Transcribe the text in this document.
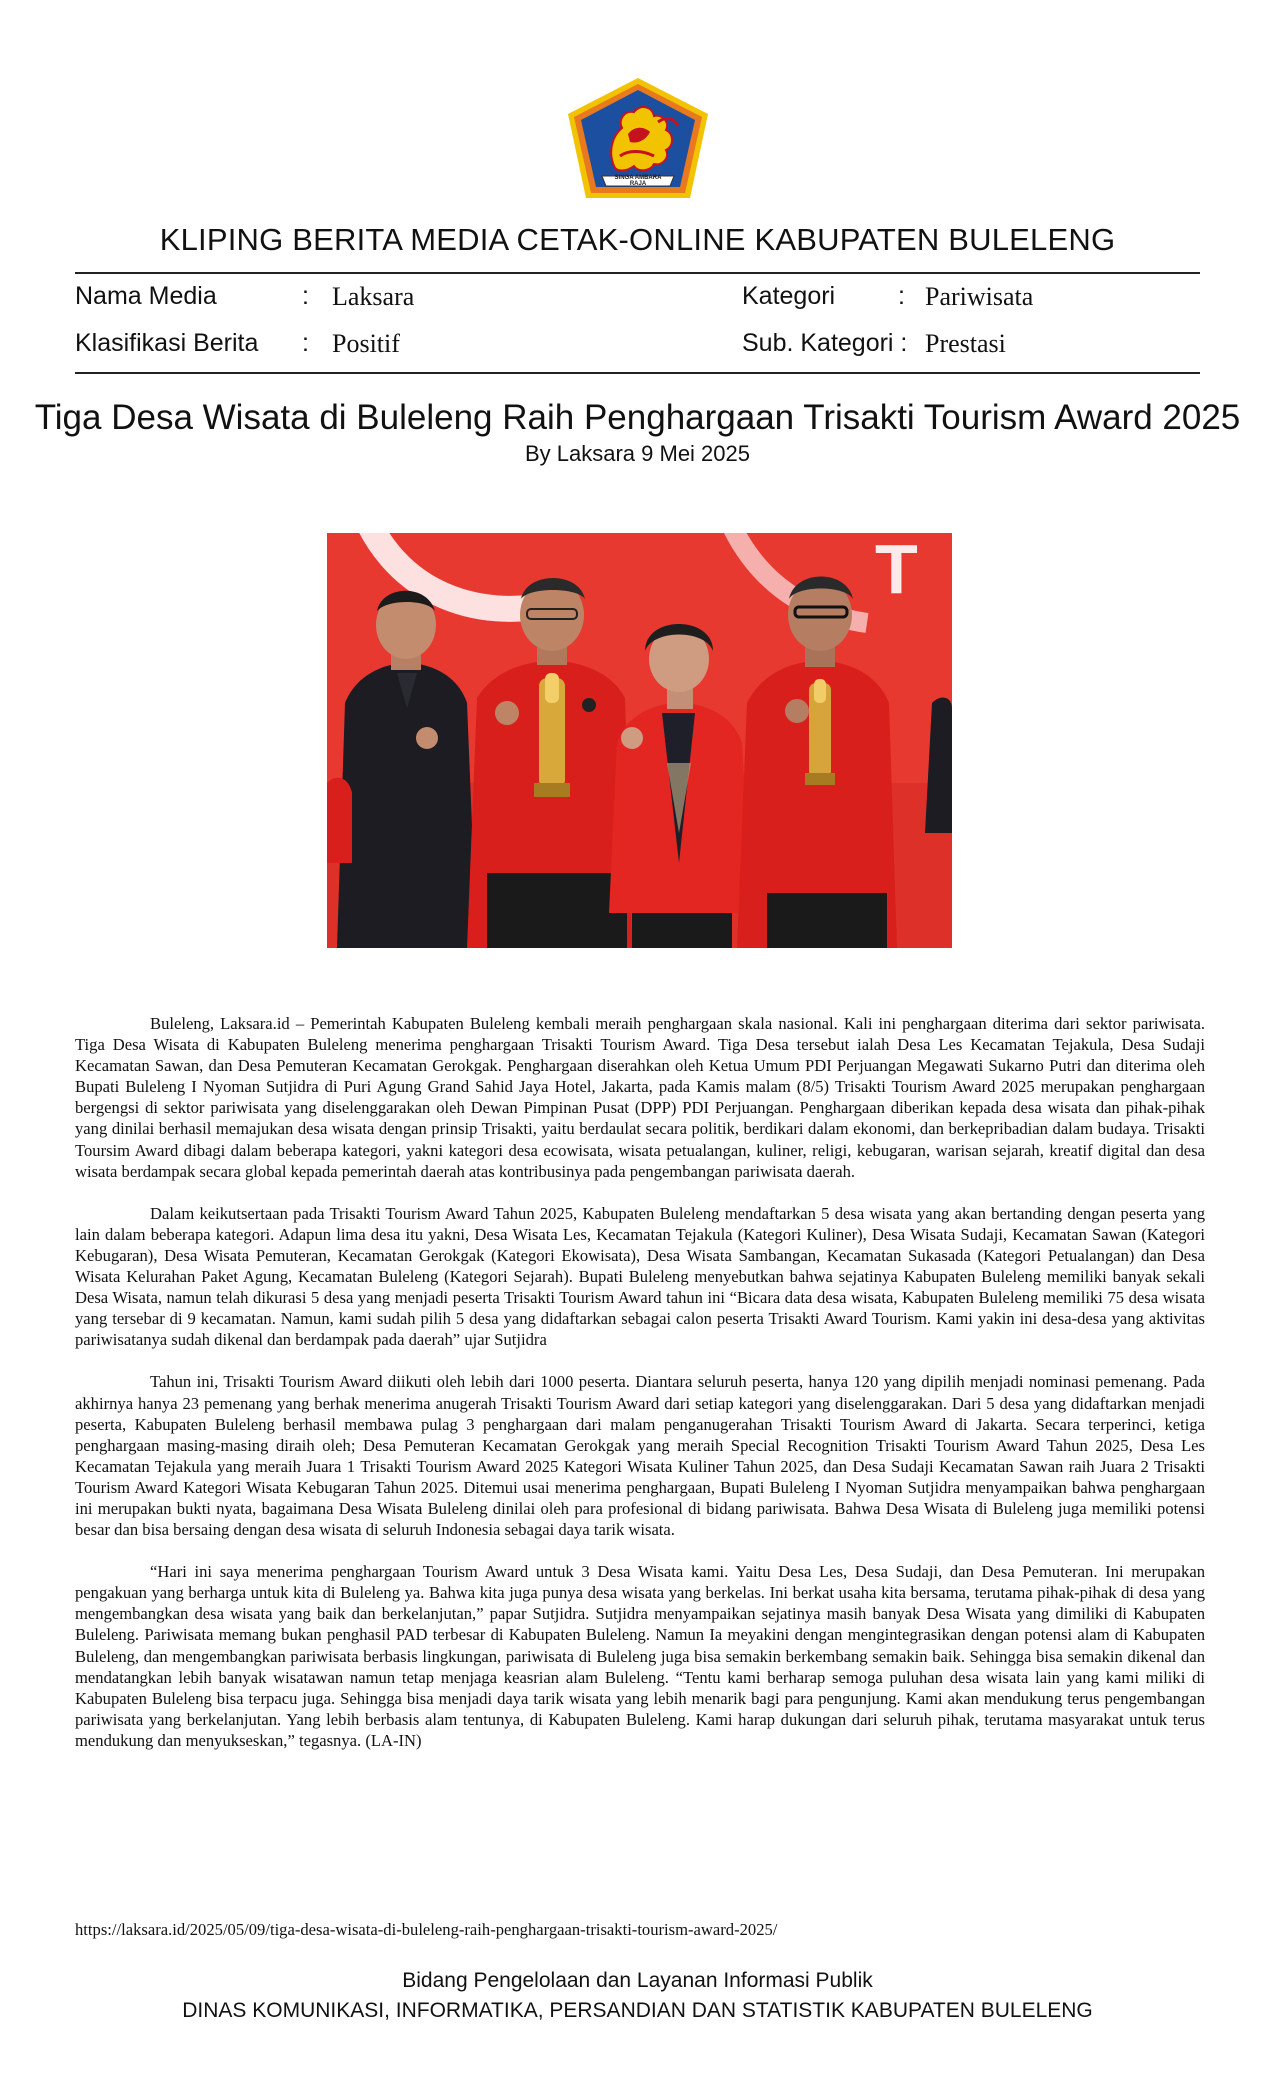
SINGA AMBARA RAJA
KLIPING BERITA MEDIA CETAK-ONLINE KABUPATEN BULELENG
Nama Media	: Laksara
Klasifikasi Berita : Positif
Kategori	: Pariwisata
Sub. Kategori : Prestasi
Tiga Desa Wisata di Buleleng Raih Penghargaan Trisakti Tourism Award 2025
By Laksara 9 Mei 2025
T

Buleleng, Laksara.id – Pemerintah Kabupaten Buleleng kembali meraih penghargaan skala nasional. Kali ini penghargaan diterima dari sektor pariwisata. Tiga Desa Wisata di Kabupaten Buleleng menerima penghargaan Trisakti Tourism Award. Tiga Desa tersebut ialah Desa Les Kecamatan Tejakula, Desa Sudaji Kecamatan Sawan, dan Desa Pemuteran Kecamatan Gerokgak. Penghargaan diserahkan oleh Ketua Umum PDI Perjuangan Megawati Sukarno Putri dan diterima oleh Bupati Buleleng I Nyoman Sutjidra di Puri Agung Grand Sahid Jaya Hotel, Jakarta, pada Kamis malam (8/5) Trisakti Tourism Award 2025 merupakan penghargaan bergengsi di sektor pariwisata yang diselenggarakan oleh Dewan Pimpinan Pusat (DPP) PDI Perjuangan. Penghargaan diberikan kepada desa wisata dan pihak-pihak yang dinilai berhasil memajukan desa wisata dengan prinsip Trisakti, yaitu berdaulat secara politik, berdikari dalam ekonomi, dan berkepribadian dalam budaya. Trisakti Toursim Award dibagi dalam beberapa kategori, yakni kategori desa ecowisata, wisata petualangan, kuliner, religi, kebugaran, warisan sejarah, kreatif digital dan desa wisata berdampak secara global kepada pemerintah daerah atas kontribusinya pada pengembangan pariwisata daerah.

Dalam keikutsertaan pada Trisakti Tourism Award Tahun 2025, Kabupaten Buleleng mendaftarkan 5 desa wisata yang akan bertanding dengan peserta yang lain dalam beberapa kategori. Adapun lima desa itu yakni, Desa Wisata Les, Kecamatan Tejakula (Kategori Kuliner), Desa Wisata Sudaji, Kecamatan Sawan (Kategori Kebugaran), Desa Wisata Pemuteran, Kecamatan Gerokgak (Kategori Ekowisata), Desa Wisata Sambangan, Kecamatan Sukasada (Kategori Petualangan) dan Desa Wisata Kelurahan Paket Agung, Kecamatan Buleleng (Kategori Sejarah). Bupati Buleleng menyebutkan bahwa sejatinya Kabupaten Buleleng memiliki banyak sekali Desa Wisata, namun telah dikurasi 5 desa yang menjadi peserta Trisakti Tourism Award tahun ini “Bicara data desa wisata, Kabupaten Buleleng memiliki 75 desa wisata yang tersebar di 9 kecamatan. Namun, kami sudah pilih 5 desa yang didaftarkan sebagai calon peserta Trisakti Award Tourism. Kami yakin ini desa-desa yang aktivitas pariwisatanya sudah dikenal dan berdampak pada daerah” ujar Sutjidra

Tahun ini, Trisakti Tourism Award diikuti oleh lebih dari 1000 peserta. Diantara seluruh peserta, hanya 120 yang dipilih menjadi nominasi pemenang. Pada akhirnya hanya 23 pemenang yang berhak menerima anugerah Trisakti Tourism Award dari setiap kategori yang diselenggarakan. Dari 5 desa yang didaftarkan menjadi peserta, Kabupaten Buleleng berhasil membawa pulag 3 penghargaan dari malam penganugerahan Trisakti Tourism Award di Jakarta. Secara terperinci, ketiga penghargaan masing-masing diraih oleh; Desa Pemuteran Kecamatan Gerokgak yang meraih Special Recognition Trisakti Tourism Award Tahun 2025, Desa Les Kecamatan Tejakula yang meraih Juara 1 Trisakti Tourism Award 2025 Kategori Wisata Kuliner Tahun 2025, dan Desa Sudaji Kecamatan Sawan raih Juara 2 Trisakti Tourism Award Kategori Wisata Kebugaran Tahun 2025. Ditemui usai menerima penghargaan, Bupati Buleleng I Nyoman Sutjidra menyampaikan bahwa penghargaan ini merupakan bukti nyata, bagaimana Desa Wisata Buleleng dinilai oleh para profesional di bidang pariwisata. Bahwa Desa Wisata di Buleleng juga memiliki potensi besar dan bisa bersaing dengan desa wisata di seluruh Indonesia sebagai daya tarik wisata.

“Hari ini saya menerima penghargaan Tourism Award untuk 3 Desa Wisata kami. Yaitu Desa Les, Desa Sudaji, dan Desa Pemuteran. Ini merupakan pengakuan yang berharga untuk kita di Buleleng ya. Bahwa kita juga punya desa wisata yang berkelas. Ini berkat usaha kita bersama, terutama pihak-pihak di desa yang mengembangkan desa wisata yang baik dan berkelanjutan,” papar Sutjidra. Sutjidra menyampaikan sejatinya masih banyak Desa Wisata yang dimiliki di Kabupaten Buleleng. Pariwisata memang bukan penghasil PAD terbesar di Kabupaten Buleleng. Namun Ia meyakini dengan mengintegrasikan dengan potensi alam di Kabupaten Buleleng, dan mengembangkan pariwisata berbasis lingkungan, pariwisata di Buleleng juga bisa semakin berkembang semakin baik. Sehingga bisa semakin dikenal dan mendatangkan lebih banyak wisatawan namun tetap menjaga keasrian alam Buleleng. “Tentu kami berharap semoga puluhan desa wisata lain yang kami miliki di Kabupaten Buleleng bisa terpacu juga. Sehingga bisa menjadi daya tarik wisata yang lebih menarik bagi para pengunjung. Kami akan mendukung terus pengembangan pariwisata yang berkelanjutan. Yang lebih berbasis alam tentunya, di Kabupaten Buleleng. Kami harap dukungan dari seluruh pihak, terutama masyarakat untuk terus mendukung dan menyukseskan,” tegasnya. (LA-IN)

https://laksara.id/2025/05/09/tiga-desa-wisata-di-buleleng-raih-penghargaan-trisakti-tourism-award-2025/
Bidang Pengelolaan dan Layanan Informasi Publik
DINAS KOMUNIKASI, INFORMATIKA, PERSANDIAN DAN STATISTIK KABUPATEN BULELENG
